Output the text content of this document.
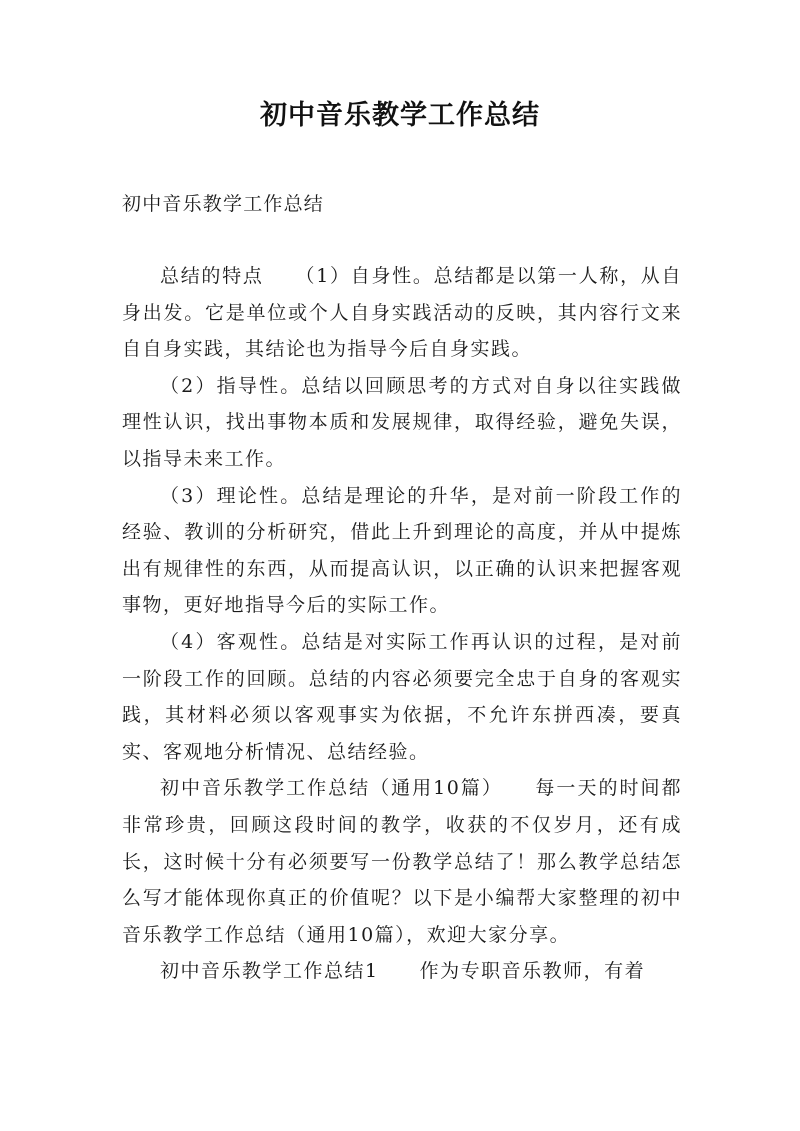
初中音乐教学工作总结
初中音乐教学工作总结

总结的特点　　（1）自身性。总结都是以第一人称，从自身出发。它是单位或个人自身实践活动的反映，其内容行文来自自身实践，其结论也为指导今后自身实践。

（2）指导性。总结以回顾思考的方式对自身以往实践做理性认识，找出事物本质和发展规律，取得经验，避免失误，以指导未来工作。

（3）理论性。总结是理论的升华，是对前一阶段工作的经验、教训的分析研究，借此上升到理论的高度，并从中提炼出有规律性的东西，从而提高认识，以正确的认识来把握客观事物，更好地指导今后的实际工作。

（4）客观性。总结是对实际工作再认识的过程，是对前一阶段工作的回顾。总结的内容必须要完全忠于自身的客观实践，其材料必须以客观事实为依据，不允许东拼西凑，要真实、客观地分析情况、总结经验。

初中音乐教学工作总结（通用10篇）　　每一天的时间都非常珍贵，回顾这段时间的教学，收获的不仅岁月，还有成长，这时候十分有必须要写一份教学总结了！那么教学总结怎么写才能体现你真正的价值呢？以下是小编帮大家整理的初中音乐教学工作总结（通用10篇），欢迎大家分享。

初中音乐教学工作总结1　　作为专职音乐教师，有着
